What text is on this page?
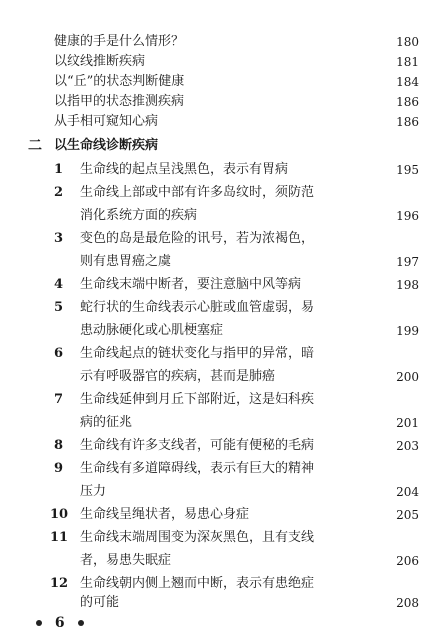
健康的手是什么情形？	180
以纹线推断疾病	181
以“丘”的状态判断健康	184
以指甲的状态推测疾病	186
从手相可窥知心病	186
二 以生命线诊断疾病
1 生命线的起点呈浅黑色，表示有胃病	195
2 生命线上部或中部有许多岛纹时，须防范
消化系统方面的疾病	196
3 变色的岛是最危险的讯号，若为浓褐色，
则有患胃癌之虞	197
4 生命线末端中断者，要注意脑中风等病	198
5 蛇行状的生命线表示心脏或血管虚弱，易
患动脉硬化或心肌梗塞症	199
6 生命线起点的链状变化与指甲的异常，暗
示有呼吸器官的疾病，甚而是肺癌	200
7 生命线延伸到月丘下部附近，这是妇科疾
病的征兆	201
8 生命线有许多支线者，可能有便秘的毛病	203
9 生命线有多道障碍线，表示有巨大的精神
压力	204
10 生命线呈绳状者，易患心身症	205
11 生命线末端周围变为深灰黑色，且有支线
者，易患失眠症	206
12 生命线朝内侧上翘而中断，表示有患绝症
的可能	208
6
